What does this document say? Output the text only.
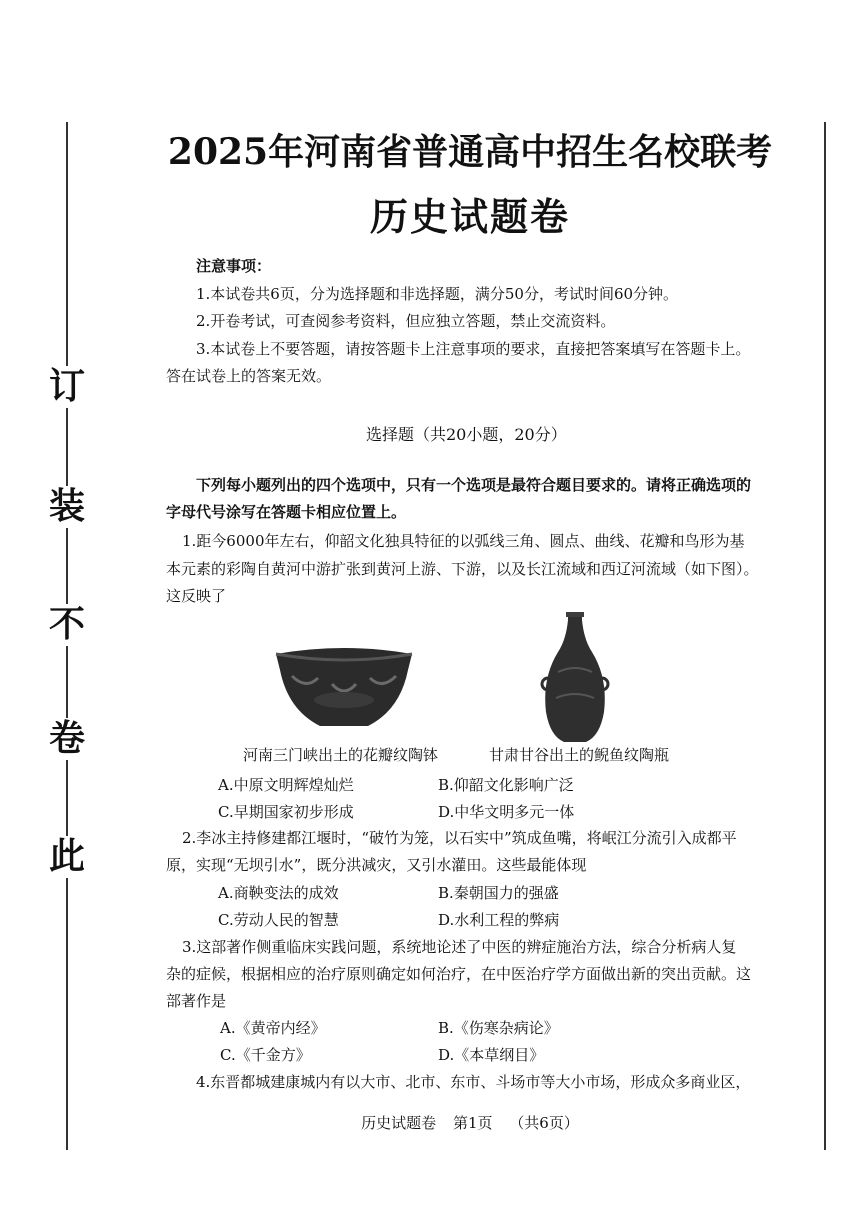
此
卷
不
装
订
2025年河南省普通高中招生名校联考
历史试题卷
注意事项：
1.本试卷共6页，分为选择题和非选择题，满分50分，考试时间60分钟。
2.开卷考试，可查阅参考资料，但应独立答题，禁止交流资料。
3.本试卷上不要答题，请按答题卡上注意事项的要求，直接把答案填写在答题卡上。
答在试卷上的答案无效。
选择题（共20小题，20分）
下列每小题列出的四个选项中，只有一个选项是最符合题目要求的。请将正确选项的
字母代号涂写在答题卡相应位置上。
1.距今6000年左右，仰韶文化独具特征的以弧线三角、圆点、曲线、花瓣和鸟形为基
本元素的彩陶自黄河中游扩张到黄河上游、下游，以及长江流域和西辽河流域（如下图）。
这反映了
河南三门峡出土的花瓣纹陶钵	甘肃甘谷出土的鲵鱼纹陶瓶
A.中原文明辉煌灿烂	B.仰韶文化影响广泛
C.早期国家初步形成	D.中华文明多元一体
2.李冰主持修建都江堰时，“破竹为笼，以石实中”筑成鱼嘴，将岷江分流引入成都平
原，实现“无坝引水”，既分洪减灾，又引水灌田。这些最能体现
A.商鞅变法的成效	B.秦朝国力的强盛
C.劳动人民的智慧	D.水利工程的弊病
3.这部著作侧重临床实践问题，系统地论述了中医的辨症施治方法，综合分析病人复
杂的症候，根据相应的治疗原则确定如何治疗，在中医治疗学方面做出新的突出贡献。这
部著作是
A.《黄帝内经》	B.《伤寒杂病论》
C.《千金方》	D.《本草纲目》
4.东晋都城建康城内有以大市、北市、东市、斗场市等大小市场，形成众多商业区，
历史试题卷 第1页 （共6页）
